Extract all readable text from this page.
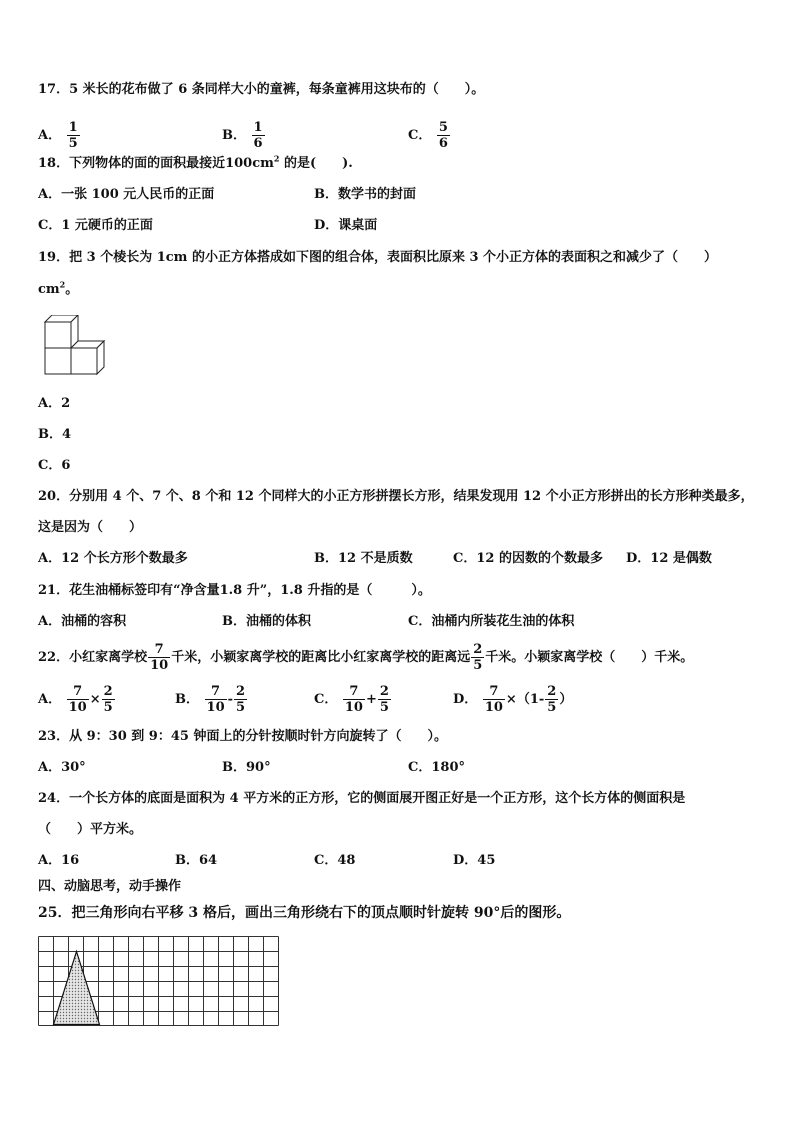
17．5 米长的花布做了 6 条同样大小的童裤，每条童裤用这块布的（　　）。
A． $\frac{1}{5}$	B． $\frac{1}{6}$	C． $\frac{5}{6}$
18．下列物体的面的面积最接近$100cm^2$ 的是(　　).
A．一张 100 元人民币的正面	B．数学书的封面
C．1 元硬币的正面	D．课桌面
19．把 3 个棱长为 1cm 的小正方体搭成如下图的组合体，表面积比原来 3 个小正方体的表面积之和减少了（　　）
$cm^2$。
A．2
B．4
C．6
20．分别用 4 个、7 个、8 个和 12 个同样大的小正方形拼摆长方形，结果发现用 12 个小正方形拼出的长方形种类最多，
这是因为（　　）
A．12 个长方形个数最多	B．12 不是质数	C．12 的因数的个数最多 D．12 是偶数
21．花生油桶标签印有“净含量1.8 升”，1.8 升指的是（　　　）。
A．油桶的容积	B．油桶的体积	C．油桶内所装花生油的体积
22．小红家离学校 $\frac{7}{10}$ 千米，小颖家离学校的距离比小红家离学校的距离远 $\frac{2}{5}$ 千米。小颖家离学校（　　）千米。
A． $\frac{7}{10} \times \frac{2}{5}$	B． $\frac{7}{10} - \frac{2}{5}$	C． $\frac{7}{10} + \frac{2}{5}$	D． $\frac{7}{10} \times(1- \frac{2}{5}$ ）
23．从 9：30 到 9：45 钟面上的分针按顺时针方向旋转了（　　）。
A．30°	B．90°	C．180°
24．一个长方体的底面是面积为 4 平方米的正方形，它的侧面展开图正好是一个正方形，这个长方体的侧面积是
（　　）平方米。
A．16	B．64	C．48	D．45
四、动脑思考，动手操作
25．把三角形向右平移 3 格后，画出三角形绕右下的顶点顺时针旋转 90°后的图形。
